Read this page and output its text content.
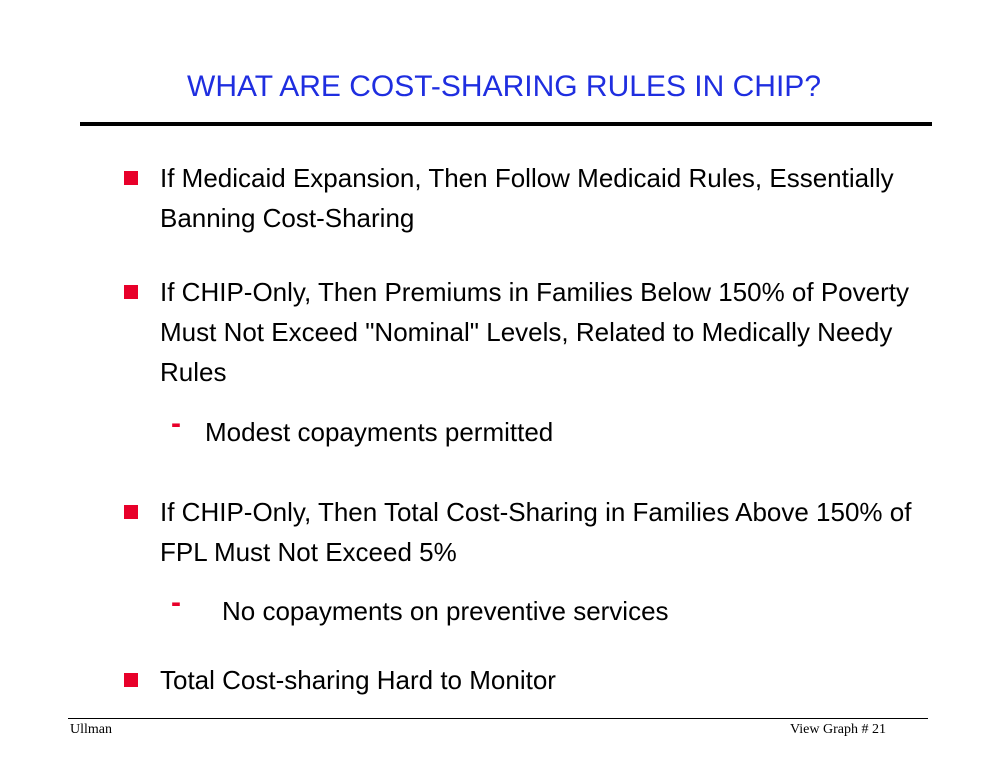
WHAT ARE COST-SHARING RULES IN CHIP?
If Medicaid Expansion, Then Follow Medicaid Rules, Essentially Banning Cost-Sharing
If CHIP-Only, Then Premiums in Families Below 150% of Poverty Must Not Exceed "Nominal" Levels, Related to Medically Needy Rules
- Modest copayments permitted
If CHIP-Only, Then Total Cost-Sharing in Families Above 150% of FPL Must Not Exceed 5%
- No copayments on preventive services
Total Cost-sharing Hard to Monitor
Ullman	View Graph # 21
